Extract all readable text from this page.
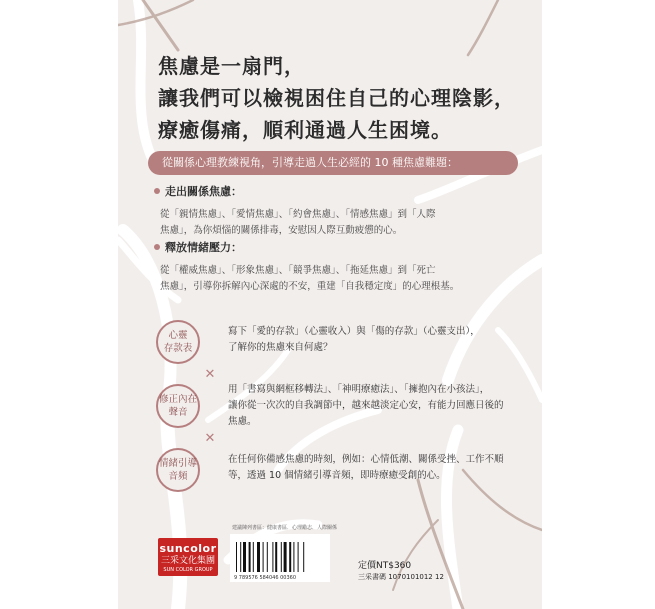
焦慮是一扇門，
讓我們可以檢視困住自己的心理陰影，
療癒傷痛，順利通過人生困境。
從關係心理教練視角，引導走過人生必經的 10 種焦慮難題：
走出關係焦慮：
從「親情焦慮」、「愛情焦慮」、「約會焦慮」、「情感焦慮」到「人際
焦慮」，為你煩惱的關係排毒，安慰因人際互動疲憊的心。
釋放情緒壓力：
從「權威焦慮」、「形象焦慮」、「競爭焦慮」、「拖延焦慮」到「死亡
焦慮」，引導你拆解內心深處的不安，重建「自我穩定度」的心理根基。
心靈
存款表
寫下「愛的存款」（心靈收入）與「傷的存款」（心靈支出），
了解你的焦慮來自何處？
✕
修正內在
聲音
用「書寫與網框移轉法」、「神明療癒法」、「擁抱內在小孩法」，
讓你從一次次的自我調節中，越來越淡定心安，有能力回應日後的
焦慮。
✕
情緒引導
音頻
在任何你備感焦慮的時刻，例如：心情低潮、關係受挫、工作不順
等，透過 10 個情緒引導音頻，即時療癒受創的心。
suncolor
三采文化集團
SUN COLOR GROUP
建議陳列書區：健康書區．心理勵志．人際關係
9 789576 584046 00360
定價NT$360
三采書碼 1070101012 12
